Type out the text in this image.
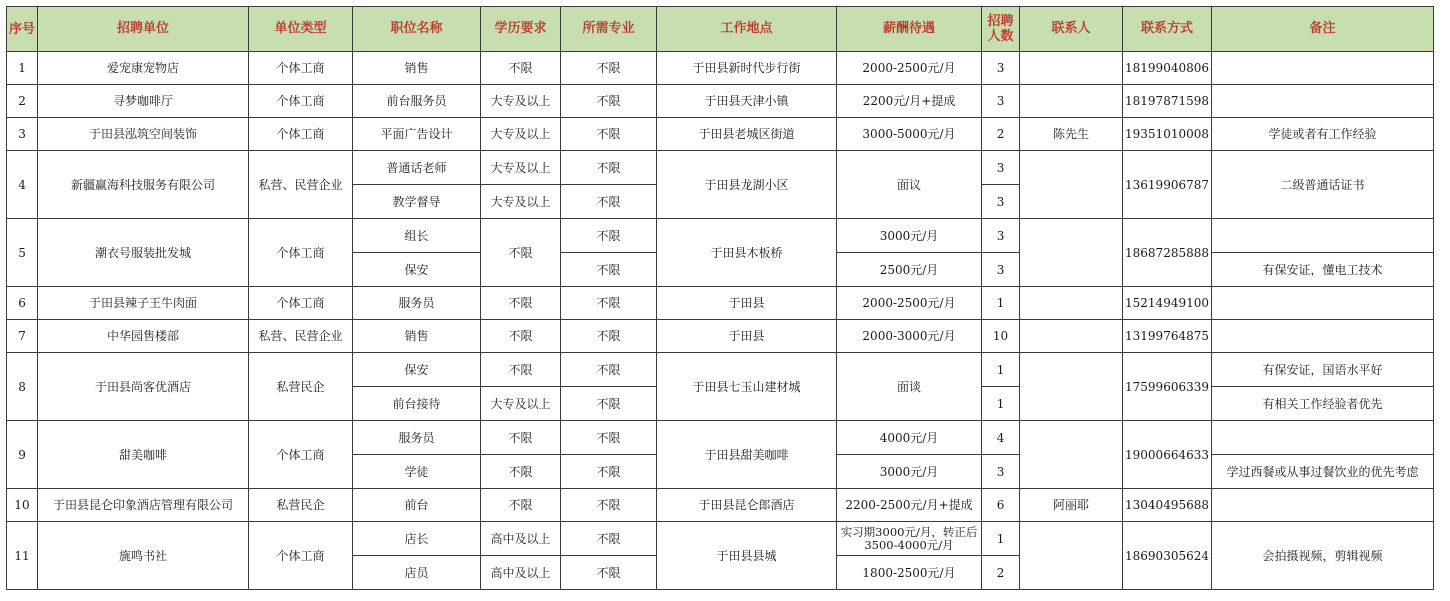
序号	招聘单位	单位类型	职位名称	学历要求	所需专业	工作地点	薪酬待遇	招聘人数	联系人	联系方式	备注
1	爱宠康宠物店	个体工商	销售	不限	不限	于田县新时代步行街	2000-2500元/月	3		18199040806	
2	寻梦咖啡厅	个体工商	前台服务员	大专及以上	不限	于田县天津小镇	2200元/月+提成	3		18197871598	
3	于田县泓筑空间装饰	个体工商	平面广告设计	大专及以上	不限	于田县老城区街道	3000-5000元/月	2	陈先生	19351010008	学徒或者有工作经验
4	新疆赢海科技服务有限公司	私营、民营企业	普通话老师	大专及以上	不限	于田县龙湖小区	面议	3		13619906787	二级普通话证书
			教学督导	大专及以上	不限			3			
5	潮衣号服装批发城	个体工商	组长	不限	不限	于田县木板桥	3000元/月	3		18687285888	
			保安		不限		2500元/月	3			有保安证，懂电工技术
6	于田县辣子王牛肉面	个体工商	服务员	不限	不限	于田县	2000-2500元/月	1		15214949100	
7	中华园售楼部	私营、民营企业	销售	不限	不限	于田县	2000-3000元/月	10		13199764875	
8	于田县尚客优酒店	私营民企	保安	不限	不限	于田县七玉山建材城	面谈	1		17599606339	有保安证，国语水平好
			前台接待	大专及以上	不限			1			有相关工作经验者优先
9	甜美咖啡	个体工商	服务员	不限	不限	于田县甜美咖啡	4000元/月	4		19000664633	
			学徒	不限	不限		3000元/月	3			学过西餐或从事过餐饮业的优先考虑
10	于田县昆仑印象酒店管理有限公司	私营民企	前台	不限	不限	于田县昆仑郎酒店	2200-2500元/月+提成	6	阿丽耶	13040495688	
11	旐鸣书社	个体工商	店长	高中及以上	不限	于田县县城	实习期3000元/月，转正后3500-4000元/月	1		18690305624	会拍摄视频，剪辑视频
			店员	高中及以上	不限		1800-2500元/月	2			
